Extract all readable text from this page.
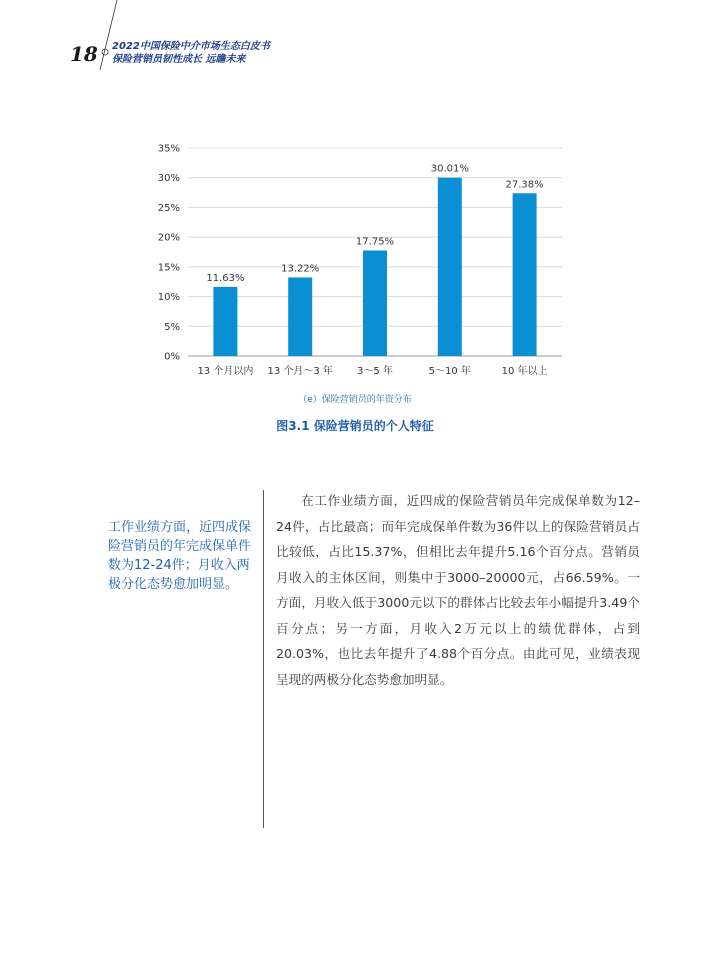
18 2022中国保险中介市场生态白皮书
保险营销员韧性成长 远瞻未来
0%
5%
10%
15%
20%
25%
30%
35%
11.63%
13 个月以内
13.22%
13 个月～3 年
17.75%
3～5 年
30.01%
5～10 年
27.38%
10 年以上
（e）保险营销员的年资分布
图3.1 保险营销员的个人特征
工作业绩方面，近四成保险营销员的年完成保单件数为12-24件；月收入两极分化态势愈加明显。
在工作业绩方面，近四成的保险营销员年完成保单数为12–24件，占比最高；而年完成保单件数为36件以上的保险营销员占比较低，占比15.37%，但相比去年提升5.16个百分点。营销员月收入的主体区间，则集中于3000–20000元，占66.59%。一方面，月收入低于3000元以下的群体占比较去年小幅提升3.49个百分点；另一方面，月收入2万元以上的绩优群体，占到20.03%，也比去年提升了4.88个百分点。由此可见，业绩表现呈现的两极分化态势愈加明显。
